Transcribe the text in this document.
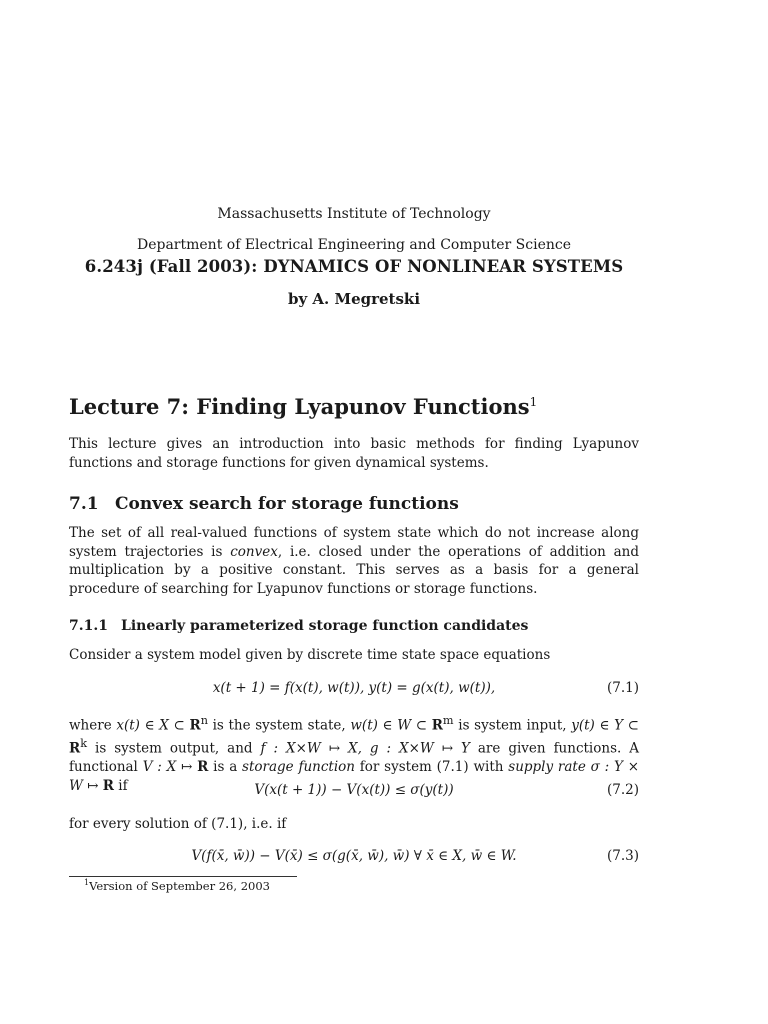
Massachusetts Institute of Technology
Department of Electrical Engineering and Computer Science
6.243j (Fall 2003): DYNAMICS OF NONLINEAR SYSTEMS
by A. Megretski
Lecture 7: Finding Lyapunov Functions$^1$
This lecture gives an introduction into basic methods for finding Lyapunov functions and storage functions for given dynamical systems.
7.1 Convex search for storage functions
The set of all real-valued functions of system state which do not increase along system trajectories is convex, i.e. closed under the operations of addition and multiplication by a positive constant. This serves as a basis for a general procedure of searching for Lyapunov functions or storage functions.
7.1.1 Linearly parameterized storage function candidates
Consider a system model given by discrete time state space equations
x(t + 1) = f(x(t), w(t)), y(t) = g(x(t), w(t)),	(7.1)
where x(t) ∈ X ⊂ $R^n$ is the system state, w(t) ∈ W ⊂ $R^m$ is system input, y(t) ∈ Y ⊂ $R^k$ is system output, and f : X×W ↦ X, g : X×W ↦ Y are given functions. A functional V : X ↦ R is a storage function for system (7.1) with supply rate σ : Y × W ↦ R if	V(x(t + 1)) − V(x(t)) ≤ σ(y(t))	(7.2)
for every solution of (7.1), i.e. if
V(f(x̄, w̄)) − V(x̄) ≤ σ(g(x̄, w̄), w̄) ∀ x̄ ∈ X, w̄ ∈ W.	(7.3)
$^1$Version of September 26, 2003
